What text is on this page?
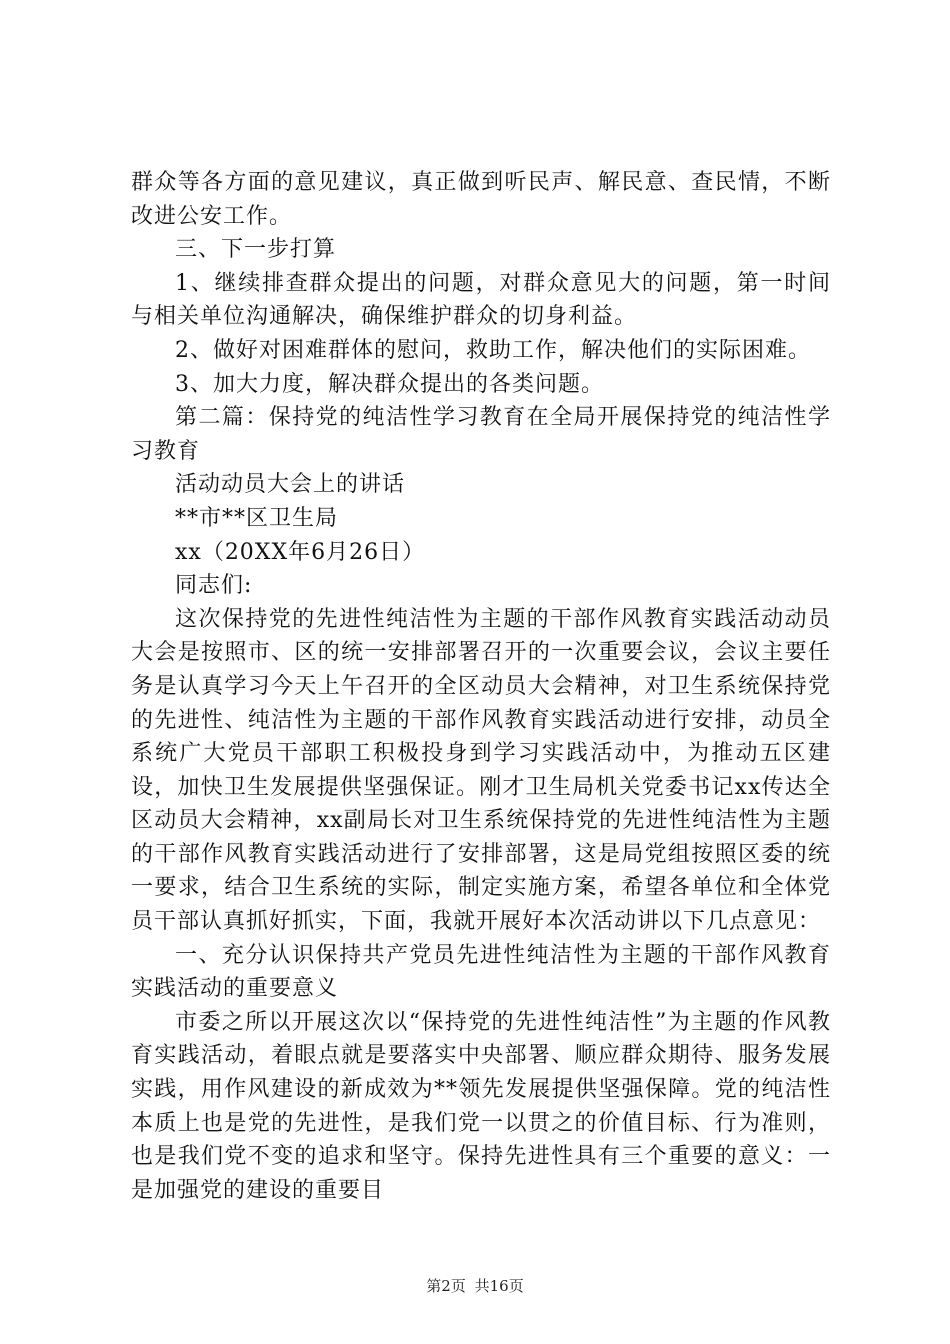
群众等各方面的意见建议，真正做到听民声、解民意、查民情，不断改进公安工作。

三、下一步打算

1、继续排查群众提出的问题，对群众意见大的问题，第一时间与相关单位沟通解决，确保维护群众的切身利益。

2、做好对困难群体的慰问，救助工作，解决他们的实际困难。

3、加大力度，解决群众提出的各类问题。

第二篇：保持党的纯洁性学习教育在全局开展保持党的纯洁性学习教育

活动动员大会上的讲话

**市**区卫生局

xx（20XX年6月26日）

同志们:

这次保持党的先进性纯洁性为主题的干部作风教育实践活动动员大会是按照市、区的统一安排部署召开的一次重要会议，会议主要任务是认真学习今天上午召开的全区动员大会精神，对卫生系统保持党的先进性、纯洁性为主题的干部作风教育实践活动进行安排，动员全系统广大党员干部职工积极投身到学习实践活动中，为推动五区建设，加快卫生发展提供坚强保证。刚才卫生局机关党委书记xx传达全区动员大会精神，xx副局长对卫生系统保持党的先进性纯洁性为主题的干部作风教育实践活动进行了安排部署，这是局党组按照区委的统一要求，结合卫生系统的实际，制定实施方案，希望各单位和全体党员干部认真抓好抓实，下面，我就开展好本次活动讲以下几点意见：

一、充分认识保持共产党员先进性纯洁性为主题的干部作风教育实践活动的重要意义

市委之所以开展这次以“保持党的先进性纯洁性”为主题的作风教育实践活动，着眼点就是要落实中央部署、顺应群众期待、服务发展实践，用作风建设的新成效为**领先发展提供坚强保障。党的纯洁性本质上也是党的先进性，是我们党一以贯之的价值目标、行为准则，也是我们党不变的追求和坚守。保持先进性具有三个重要的意义：一是加强党的建设的重要目

第2页 共16页
